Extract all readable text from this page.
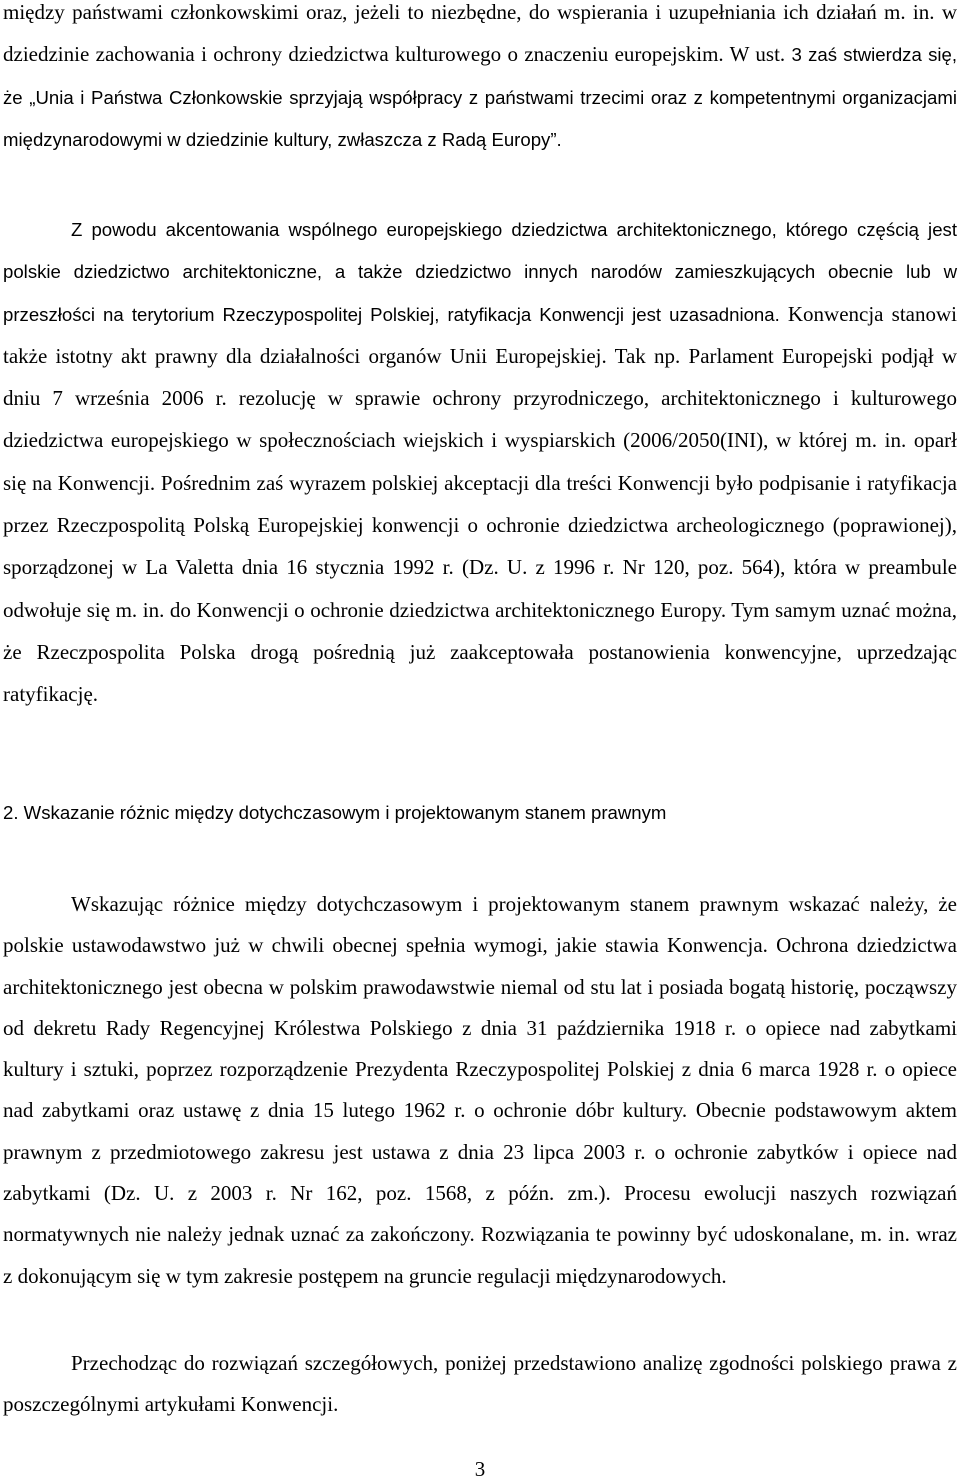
między państwami członkowskimi oraz, jeżeli to niezbędne, do wspierania i uzupełniania ich działań m. in. w dziedzinie zachowania i ochrony dziedzictwa kulturowego o znaczeniu europejskim. W ust. 3 zaś stwierdza się, że „Unia i Państwa Członkowskie sprzyjają współpracy z państwami trzecimi oraz z kompetentnymi organizacjami międzynarodowymi w dziedzinie kultury, zwłaszcza z Radą Europy”.

Z powodu akcentowania wspólnego europejskiego dziedzictwa architektonicznego, którego częścią jest polskie dziedzictwo architektoniczne, a także dziedzictwo innych narodów zamieszkujących obecnie lub w przeszłości na terytorium Rzeczypospolitej Polskiej, ratyfikacja Konwencji jest uzasadniona. Konwencja stanowi także istotny akt prawny dla działalności organów Unii Europejskiej. Tak np. Parlament Europejski podjął w dniu 7 września 2006 r. rezolucję w sprawie ochrony przyrodniczego, architektonicznego i kulturowego dziedzictwa europejskiego w społecznościach wiejskich i wyspiarskich (2006/2050(INI), w której m. in. oparł się na Konwencji. Pośrednim zaś wyrazem polskiej akceptacji dla treści Konwencji było podpisanie i ratyfikacja przez Rzeczpospolitą Polską Europejskiej konwencji o ochronie dziedzictwa archeologicznego (poprawionej), sporządzonej w La Valetta dnia 16 stycznia 1992 r. (Dz. U. z 1996 r. Nr 120, poz. 564), która w preambule odwołuje się m. in. do Konwencji o ochronie dziedzictwa architektonicznego Europy. Tym samym uznać można, że Rzeczpospolita Polska drogą pośrednią już zaakceptowała postanowienia konwencyjne, uprzedzając ratyfikację.

2. Wskazanie różnic między dotychczasowym i projektowanym stanem prawnym

Wskazując różnice między dotychczasowym i projektowanym stanem prawnym wskazać należy, że polskie ustawodawstwo już w chwili obecnej spełnia wymogi, jakie stawia Konwencja. Ochrona dziedzictwa architektonicznego jest obecna w polskim prawodawstwie niemal od stu lat i posiada bogatą historię, począwszy od dekretu Rady Regencyjnej Królestwa Polskiego z dnia 31 października 1918 r. o opiece nad zabytkami kultury i sztuki, poprzez rozporządzenie Prezydenta Rzeczypospolitej Polskiej z dnia 6 marca 1928 r. o opiece nad zabytkami oraz ustawę z dnia 15 lutego 1962 r. o ochronie dóbr kultury. Obecnie podstawowym aktem prawnym z przedmiotowego zakresu jest ustawa z dnia 23 lipca 2003 r. o ochronie zabytków i opiece nad zabytkami (Dz. U. z 2003 r. Nr 162, poz. 1568, z późn. zm.). Procesu ewolucji naszych rozwiązań normatywnych nie należy jednak uznać za zakończony. Rozwiązania te powinny być udoskonalane, m. in. wraz z dokonującym się w tym zakresie postępem na gruncie regulacji międzynarodowych.

Przechodząc do rozwiązań szczegółowych, poniżej przedstawiono analizę zgodności polskiego prawa z poszczególnymi artykułami Konwencji.

3
